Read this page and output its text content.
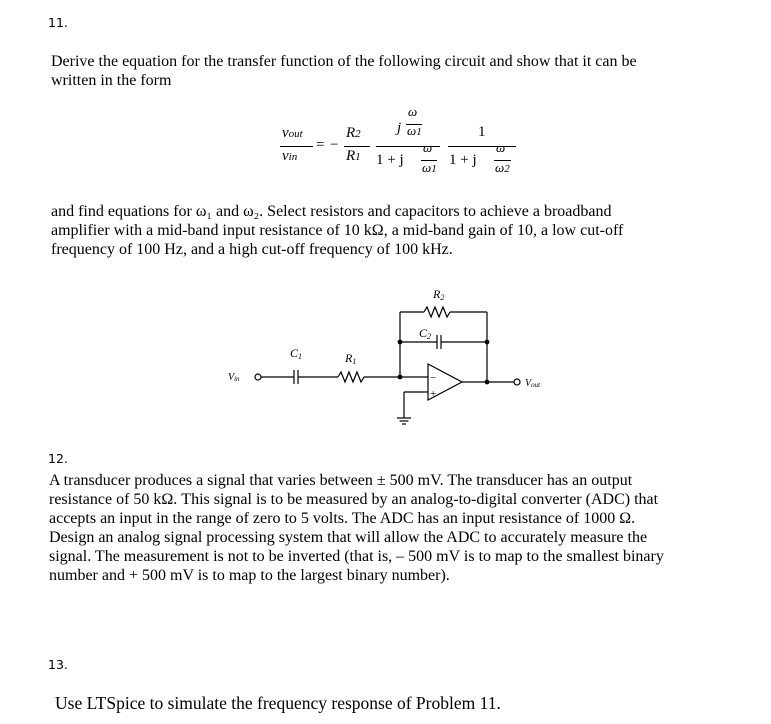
11.

Derive the equation for the transfer function of the following circuit and show that it can be

written in the form

vout
vin
= −
R2
R1
j
ω
ω1
1 + j
ω
ω1
1
1 + j
ω
ω2

and find equations for ω₁ and ω₂. Select resistors and capacitors to achieve a broadband

amplifier with a mid-band input resistance of 10 kΩ, a mid-band gain of 10, a low cut-off

frequency of 100 Hz, and a high cut-off frequency of 100 kHz.

R2
C2
C1	R1
Vin	Vout
−
+
12.

A transducer produces a signal that varies between ± 500 mV. The transducer has an output

resistance of 50 kΩ. This signal is to be measured by an analog-to-digital converter (ADC) that

accepts an input in the range of zero to 5 volts. The ADC has an input resistance of 1000 Ω.

Design an analog signal processing system that will allow the ADC to accurately measure the

signal. The measurement is not to be inverted (that is, – 500 mV is to map to the smallest binary

number and + 500 mV is to map to the largest binary number).

13.

Use LTSpice to simulate the frequency response of Problem 11.
